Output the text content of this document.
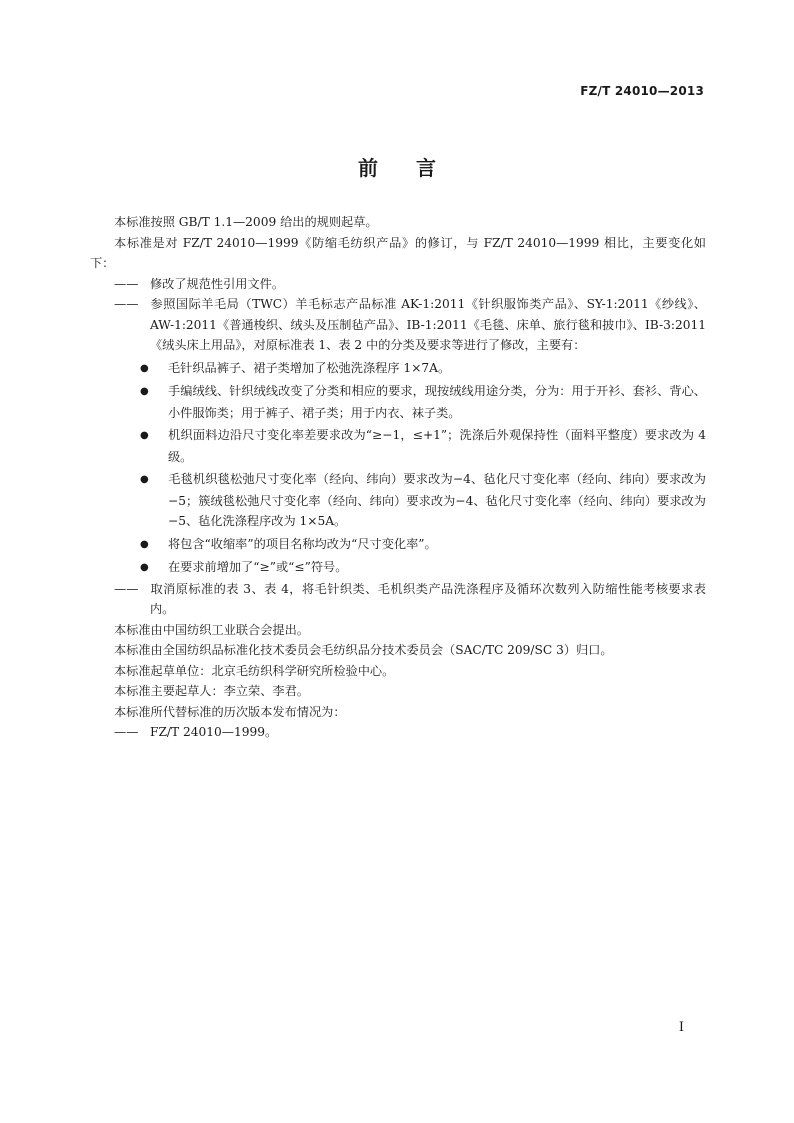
FZ/T 24010—2013
前言

本标准按照 GB/T 1.1—2009 给出的规则起草。

本标准是对 FZ/T 24010—1999《防缩毛纺织产品》的修订，与 FZ/T 24010—1999 相比，主要变化如下：

—— 修改了规范性引用文件。

—— 参照国际羊毛局（TWC）羊毛标志产品标准 AK-1:2011《针织服饰类产品》、SY-1:2011《纱线》、AW-1:2011《普通梭织、绒头及压制毡产品》、IB-1:2011《毛毯、床单、旅行毯和披巾》、IB-3:2011《绒头床上用品》，对原标准表 1、表 2 中的分类及要求等进行了修改，主要有：

● 毛针织品裤子、裙子类增加了松弛洗涤程序 1×7A。

● 手编绒线、针织绒线改变了分类和相应的要求，现按绒线用途分类，分为：用于开衫、套衫、背心、小件服饰类；用于裤子、裙子类；用于内衣、袜子类。

● 机织面料边沿尺寸变化率差要求改为“≥−1，≤+1”；洗涤后外观保持性（面料平整度）要求改为 4 级。

● 毛毯机织毯松弛尺寸变化率（经向、纬向）要求改为−4、毡化尺寸变化率（经向、纬向）要求改为−5；簇绒毯松弛尺寸变化率（经向、纬向）要求改为−4、毡化尺寸变化率（经向、纬向）要求改为−5、毡化洗涤程序改为 1×5A。

● 将包含“收缩率”的项目名称均改为“尺寸变化率”。

● 在要求前增加了“≥”或“≤”符号。

—— 取消原标准的表 3、表 4，将毛针织类、毛机织类产品洗涤程序及循环次数列入防缩性能考核要求表内。

本标准由中国纺织工业联合会提出。

本标准由全国纺织品标准化技术委员会毛纺织品分技术委员会（SAC/TC 209/SC 3）归口。

本标准起草单位：北京毛纺织科学研究所检验中心。

本标准主要起草人：李立荣、李君。

本标准所代替标准的历次版本发布情况为：

—— FZ/T 24010—1999。

I
